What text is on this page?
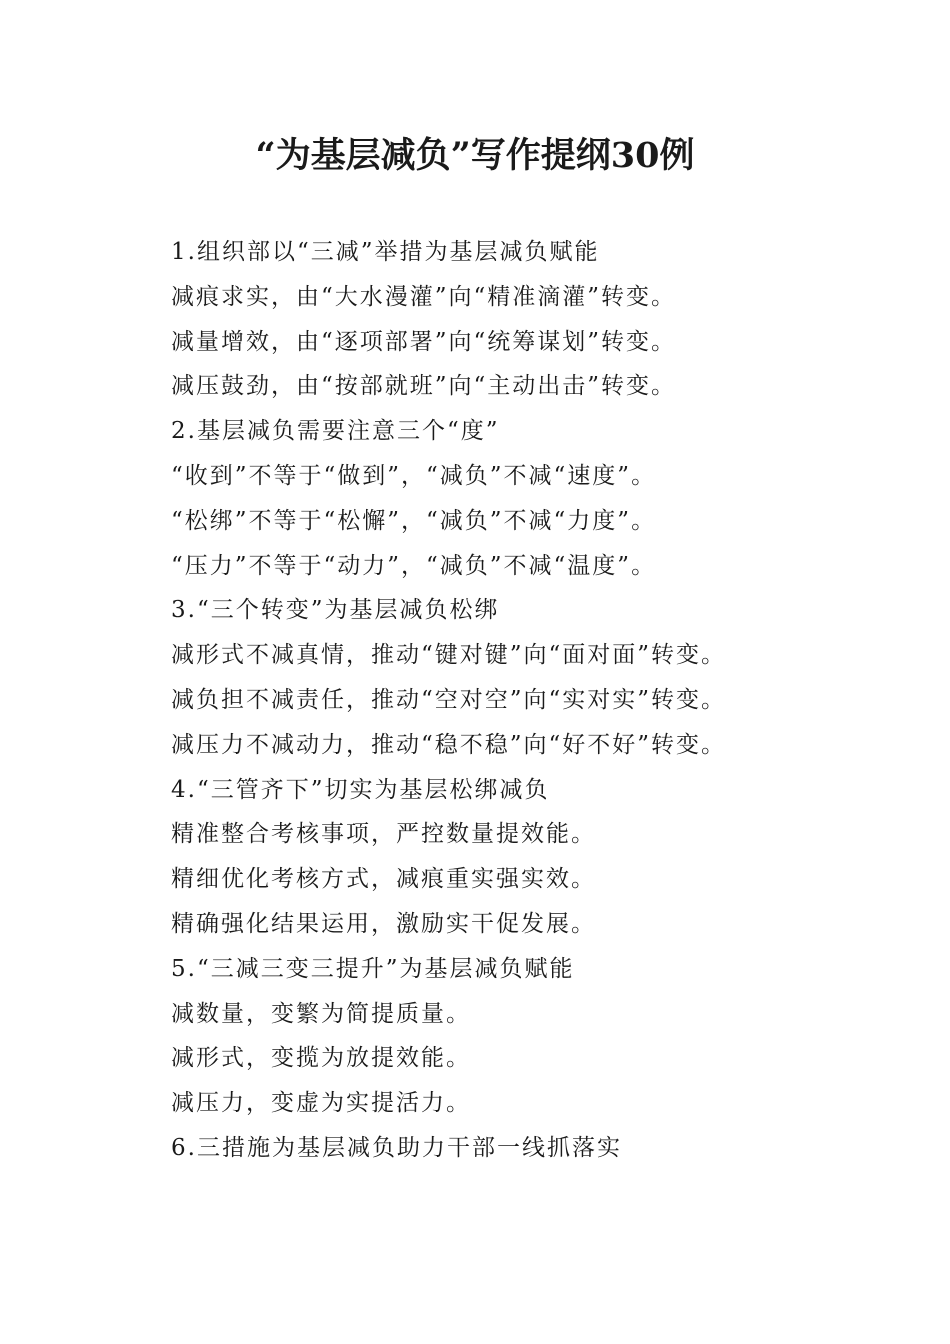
“为基层减负”写作提纲30例
1.组织部以“三减”举措为基层减负赋能
减痕求实，由“大水漫灌”向“精准滴灌”转变。
减量增效，由“逐项部署”向“统筹谋划”转变。
减压鼓劲，由“按部就班”向“主动出击”转变。
2.基层减负需要注意三个“度”
“收到”不等于“做到”，“减负”不减“速度”。
“松绑”不等于“松懈”，“减负”不减“力度”。
“压力”不等于“动力”，“减负”不减“温度”。
3.“三个转变”为基层减负松绑
减形式不减真情，推动“键对键”向“面对面”转变。
减负担不减责任，推动“空对空”向“实对实”转变。
减压力不减动力，推动“稳不稳”向“好不好”转变。
4.“三管齐下”切实为基层松绑减负
精准整合考核事项，严控数量提效能。
精细优化考核方式，减痕重实强实效。
精确强化结果运用，激励实干促发展。
5.“三减三变三提升”为基层减负赋能
减数量，变繁为简提质量。
减形式，变揽为放提效能。
减压力，变虚为实提活力。
6.三措施为基层减负助力干部一线抓落实
